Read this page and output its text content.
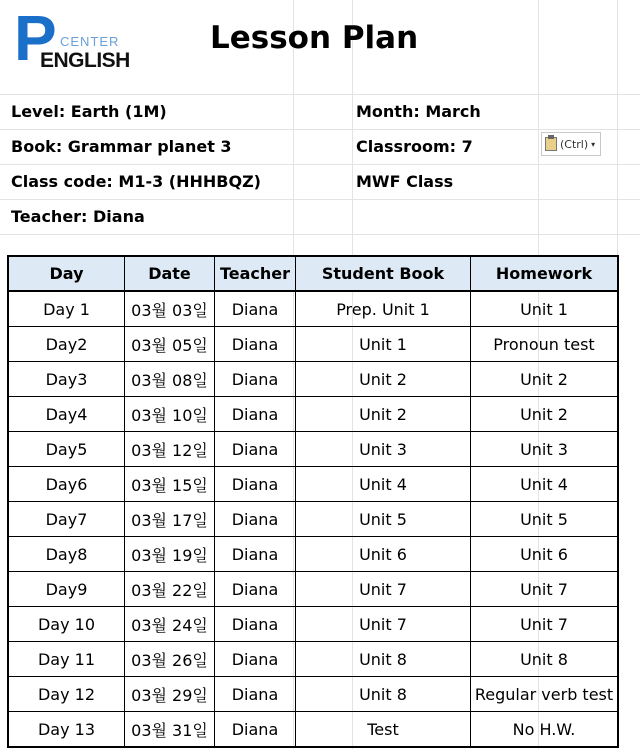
P CENTER
ENGLISH
Lesson Plan
Level: Earth (1M)
Book: Grammar planet 3
Class code: M1-3 (HHHBQZ)
Teacher: Diana
Month: March
Classroom: 7
MWF Class
(Ctrl) ▾
Day	Date	Teacher	Student Book	Homework
Day 1	03월 03일	Diana	Prep. Unit 1	Unit 1
Day2	03월 05일	Diana	Unit 1	Pronoun test
Day3	03월 08일	Diana	Unit 2	Unit 2
Day4	03월 10일	Diana	Unit 2	Unit 2
Day5	03월 12일	Diana	Unit 3	Unit 3
Day6	03월 15일	Diana	Unit 4	Unit 4
Day7	03월 17일	Diana	Unit 5	Unit 5
Day8	03월 19일	Diana	Unit 6	Unit 6
Day9	03월 22일	Diana	Unit 7	Unit 7
Day 10	03월 24일	Diana	Unit 7	Unit 7
Day 11	03월 26일	Diana	Unit 8	Unit 8
Day 12	03월 29일	Diana	Unit 8	Regular verb test
Day 13	03월 31일	Diana	Test	No H.W.
